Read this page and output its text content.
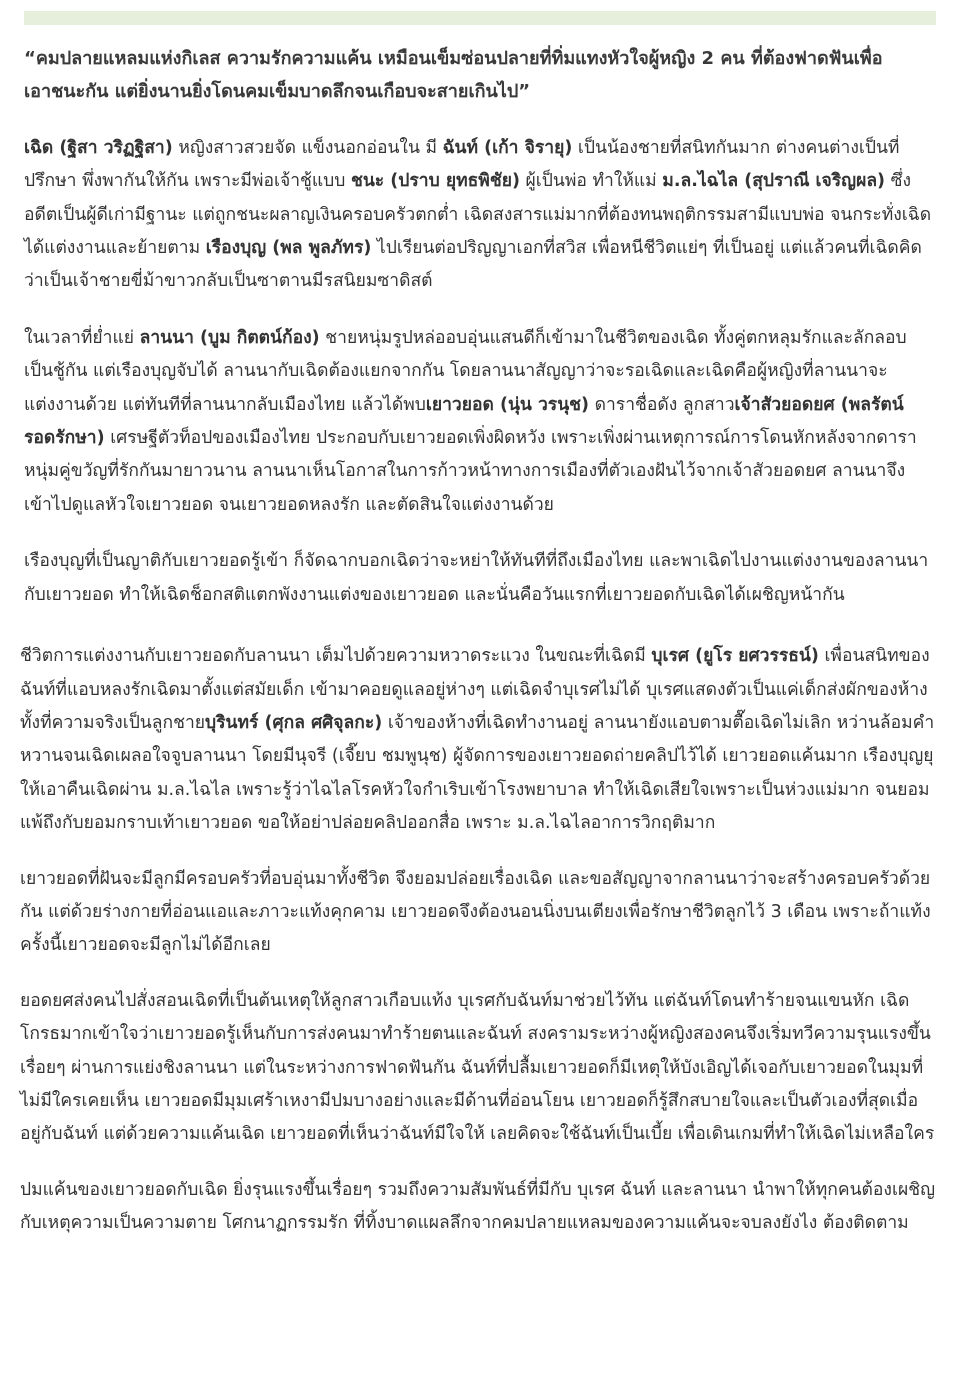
“คมปลายแหลมแห่งกิเลส ความรักความแค้น เหมือนเข็มซ่อนปลายที่ทิ่มแทงหัวใจผู้หญิง 2 คน ที่ต้องฟาดฟันเพื่อเอาชนะกัน แต่ยิ่งนานยิ่งโดนคมเข็มบาดลึกจนเกือบจะสายเกินไป”

เฉิด (ฐิสา วริฏฐิสา) หญิงสาวสวยจัด แข็งนอกอ่อนใน มี ฉันท์ (เก้า จิรายุ) เป็นน้องชายที่สนิทกันมาก ต่างคนต่างเป็นที่ปรึกษา พึ่งพากันให้กัน เพราะมีพ่อเจ้าชู้แบบ ชนะ (ปราบ ยุทธพิชัย) ผู้เป็นพ่อ ทำให้แม่ ม.ล.ไฉไล (สุปราณี เจริญผล) ซึ่งอดีตเป็นผู้ดีเก่ามีฐานะ แต่ถูกชนะผลาญเงินครอบครัวตกต่ำ เฉิดสงสารแม่มากที่ต้องทนพฤติกรรมสามีแบบพ่อ จนกระทั่งเฉิดได้แต่งงานและย้ายตาม เรืองบุญ (พล พูลภัทร) ไปเรียนต่อปริญญาเอกที่สวิส เพื่อหนีชีวิตแย่ๆ ที่เป็นอยู่ แต่แล้วคนที่เฉิดคิดว่าเป็นเจ้าชายขี่ม้าขาวกลับเป็นซาตานมีรสนิยมซาดิสต์

ในเวลาที่ย่ำแย่ ลานนา (บูม กิตตน์ก้อง) ชายหนุ่มรูปหล่ออบอุ่นแสนดีก็เข้ามาในชีวิตของเฉิด ทั้งคู่ตกหลุมรักและลักลอบเป็นชู้กัน แต่เรืองบุญจับได้ ลานนากับเฉิดต้องแยกจากกัน โดยลานนาสัญญาว่าจะรอเฉิดและเฉิดคือผู้หญิงที่ลานนาจะแต่งงานด้วย แต่ทันทีที่ลานนากลับเมืองไทย แล้วได้พบเยาวยอด (นุ่น วรนุช) ดาราชื่อดัง ลูกสาวเจ้าสัวยอดยศ (พลรัตน์ รอดรักษา) เศรษฐีตัวท็อปของเมืองไทย ประกอบกับเยาวยอดเพิ่งผิดหวัง เพราะเพิ่งผ่านเหตุการณ์การโดนหักหลังจากดาราหนุ่มคู่ขวัญที่รักกันมายาวนาน ลานนาเห็นโอกาสในการก้าวหน้าทางการเมืองที่ตัวเองฝันไว้จากเจ้าสัวยอดยศ ลานนาจึงเข้าไปดูแลหัวใจเยาวยอด จนเยาวยอดหลงรัก และตัดสินใจแต่งงานด้วย

เรืองบุญที่เป็นญาติกับเยาวยอดรู้เข้า ก็จัดฉากบอกเฉิดว่าจะหย่าให้ทันทีที่ถึงเมืองไทย และพาเฉิดไปงานแต่งงานของลานนากับเยาวยอด ทำให้เฉิดช็อกสติแตกพังงานแต่งของเยาวยอด และนั่นคือวันแรกที่เยาวยอดกับเฉิดได้เผชิญหน้ากัน

ชีวิตการแต่งงานกับเยาวยอดกับลานนา เต็มไปด้วยความหวาดระแวง ในขณะที่เฉิดมี บุเรศ (ยูโร ยศวรรธน์) เพื่อนสนิทของฉันท์ที่แอบหลงรักเฉิดมาตั้งแต่สมัยเด็ก เข้ามาคอยดูแลอยู่ห่างๆ แต่เฉิดจำบุเรศไม่ได้ บุเรศแสดงตัวเป็นแค่เด็กส่งผักของห้างทั้งที่ความจริงเป็นลูกชายบุรินทร์ (ศุกล ศศิจุลกะ) เจ้าของห้างที่เฉิดทำงานอยู่ ลานนายังแอบตามตื๊อเฉิดไม่เลิก หว่านล้อมคำหวานจนเฉิดเผลอใจจูบลานนา โดยมีนุจรี (เจี๊ยบ ชมพูนุช) ผู้จัดการของเยาวยอดถ่ายคลิปไว้ได้ เยาวยอดแค้นมาก เรืองบุญยุให้เอาคืนเฉิดผ่าน ม.ล.ไฉไล เพราะรู้ว่าไฉไลโรคหัวใจกำเริบเข้าโรงพยาบาล ทำให้เฉิดเสียใจเพราะเป็นห่วงแม่มาก จนยอมแพ้ถึงกับยอมกราบเท้าเยาวยอด ขอให้อย่าปล่อยคลิปออกสื่อ เพราะ ม.ล.ไฉไลอาการวิกฤติมาก

เยาวยอดที่ฝันจะมีลูกมีครอบครัวที่อบอุ่นมาทั้งชีวิต จึงยอมปล่อยเรื่องเฉิด และขอสัญญาจากลานนาว่าจะสร้างครอบครัวด้วยกัน แต่ด้วยร่างกายที่อ่อนแอและภาวะแท้งคุกคาม เยาวยอดจึงต้องนอนนิ่งบนเตียงเพื่อรักษาชีวิตลูกไว้ 3 เดือน เพราะถ้าแท้งครั้งนี้เยาวยอดจะมีลูกไม่ได้อีกเลย

ยอดยศส่งคนไปสั่งสอนเฉิดที่เป็นต้นเหตุให้ลูกสาวเกือบแท้ง บุเรศกับฉันท์มาช่วยไว้ทัน แต่ฉันท์โดนทำร้ายจนแขนหัก เฉิดโกรธมากเข้าใจว่าเยาวยอดรู้เห็นกับการส่งคนมาทำร้ายตนและฉันท์ สงครามระหว่างผู้หญิงสองคนจึงเริ่มทวีความรุนแรงขึ้นเรื่อยๆ ผ่านการแย่งชิงลานนา แต่ในระหว่างการฟาดฟันกัน ฉันท์ที่ปลื้มเยาวยอดก็มีเหตุให้บังเอิญได้เจอกับเยาวยอดในมุมที่ไม่มีใครเคยเห็น เยาวยอดมีมุมเศร้าเหงามีปมบางอย่างและมีด้านที่อ่อนโยน เยาวยอดก็รู้สึกสบายใจและเป็นตัวเองที่สุดเมื่ออยู่กับฉันท์ แต่ด้วยความแค้นเฉิด เยาวยอดที่เห็นว่าฉันท์มีใจให้ เลยคิดจะใช้ฉันท์เป็นเบี้ย เพื่อเดินเกมที่ทำให้เฉิดไม่เหลือใคร

ปมแค้นของเยาวยอดกับเฉิด ยิ่งรุนแรงขึ้นเรื่อยๆ รวมถึงความสัมพันธ์ที่มีกับ บุเรศ ฉันท์ และลานนา นำพาให้ทุกคนต้องเผชิญกับเหตุความเป็นความตาย โศกนาฏกรรมรัก ที่ทิ้งบาดแผลลึกจากคมปลายแหลมของความแค้นจะจบลงยังไง ต้องติดตาม
